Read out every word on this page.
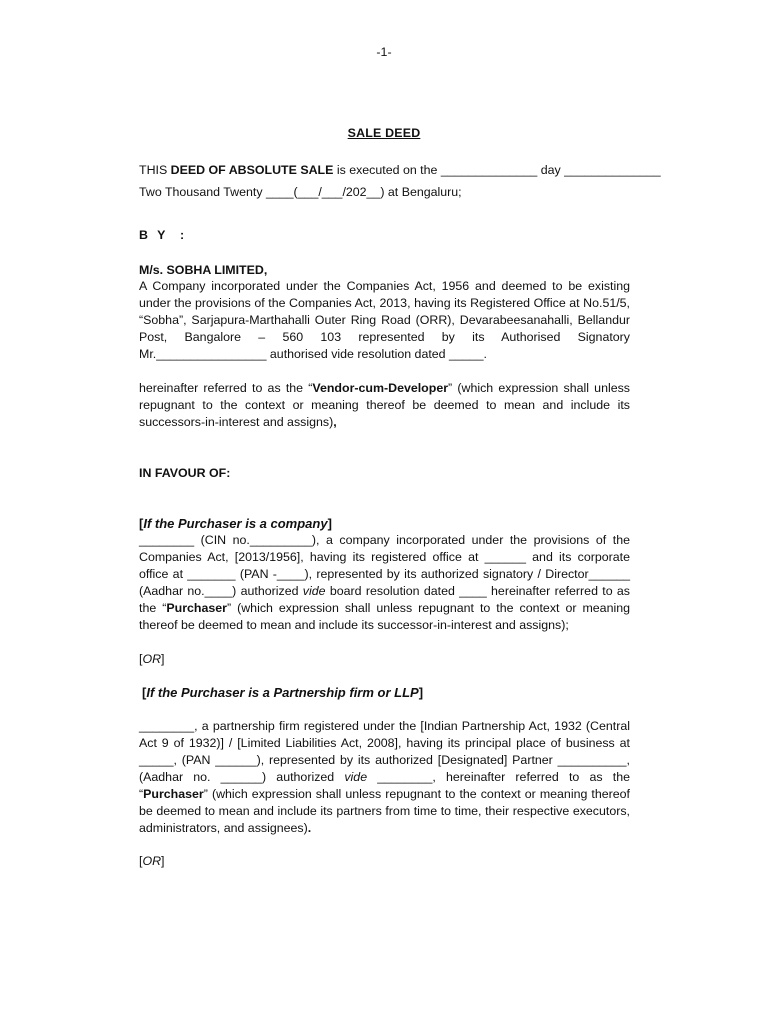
-1-
SALE DEED
THIS DEED OF ABSOLUTE SALE is executed on the ______________ day ______________
Two Thousand Twenty ____(___/___/202__) at Bengaluru;
B Y :
M/s. SOBHA LIMITED,
A Company incorporated under the Companies Act, 1956 and deemed to be existing under the provisions of the Companies Act, 2013, having its Registered Office at No.51/5, “Sobha”, Sarjapura-Marthahalli Outer Ring Road (ORR), Devarabeesanahalli, Bellandur Post, Bangalore – 560 103 represented by its Authorised Signatory Mr.________________ authorised vide resolution dated _____.
hereinafter referred to as the “Vendor-cum-Developer” (which expression shall unless repugnant to the context or meaning thereof be deemed to mean and include its successors-in-interest and assigns),
IN FAVOUR OF:
[If the Purchaser is a company]
________ (CIN no._________), a company incorporated under the provisions of the Companies Act, [2013/1956], having its registered office at ______ and its corporate office at _______ (PAN -____), represented by its authorized signatory / Director______ (Aadhar no.____) authorized vide board resolution dated ____ hereinafter referred to as the “Purchaser” (which expression shall unless repugnant to the context or meaning thereof be deemed to mean and include its successor-in-interest and assigns);
[OR]
[If the Purchaser is a Partnership firm or LLP]
________, a partnership firm registered under the [Indian Partnership Act, 1932 (Central Act 9 of 1932)] / [Limited Liabilities Act, 2008], having its principal place of business at _____, (PAN ______), represented by its authorized [Designated] Partner __________, (Aadhar no. ______) authorized vide ________, hereinafter referred to as the “Purchaser” (which expression shall unless repugnant to the context or meaning thereof be deemed to mean and include its partners from time to time, their respective executors, administrators, and assignees).
[OR]
